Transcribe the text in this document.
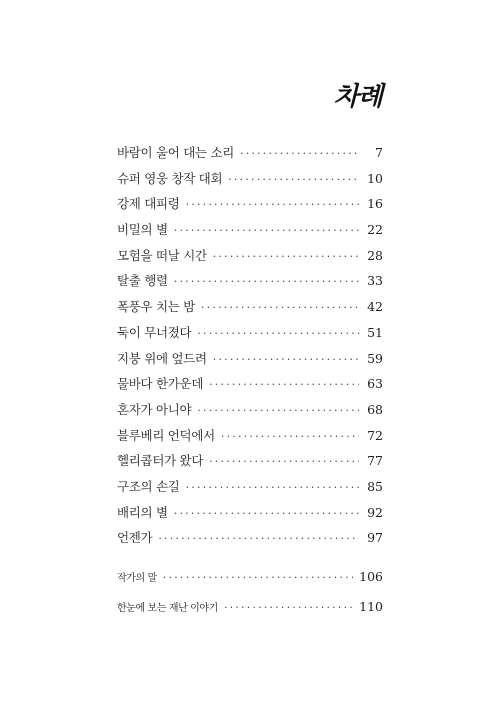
차례
바람이 울어 대는 소리 ·····	7
슈퍼 영웅 창작 대회 ·····	10
강제 대피령 ·····	16
비밀의 별 ·····	22
모험을 떠날 시간 ·····	28
탈출 행렬 ·····	33
폭풍우 치는 밤 ·····	42
둑이 무너졌다 ·····	51
지붕 위에 엎드려 ·····	59
물바다 한가운데 ·····	63
혼자가 아니야 ·····	68
블루베리 언덕에서 ·····	72
헬리콥터가 왔다 ·····	77
구조의 손길 ·····	85
배리의 별 ·····	92
언젠가 ·····	97
작가의 말 ·····	106
한눈에 보는 재난 이야기 ·····	110
